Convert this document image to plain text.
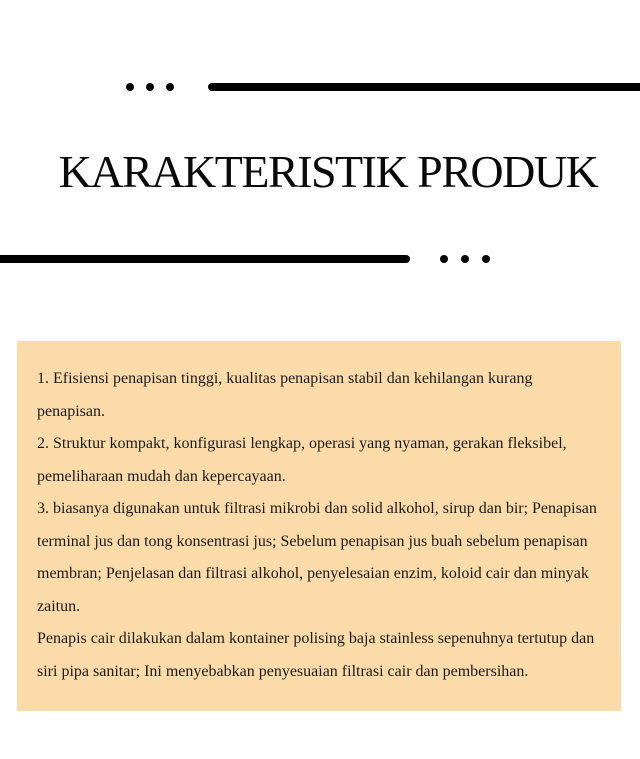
KARAKTERISTIK PRODUK

1. Efisiensi penapisan tinggi, kualitas penapisan stabil dan kehilangan kurang penapisan.

2. Struktur kompakt, konfigurasi lengkap, operasi yang nyaman, gerakan fleksibel, pemeliharaan mudah dan kepercayaan.

3. biasanya digunakan untuk filtrasi mikrobi dan solid alkohol, sirup dan bir; Penapisan terminal jus dan tong konsentrasi jus; Sebelum penapisan jus buah sebelum penapisan membran; Penjelasan dan filtrasi alkohol, penyelesaian enzim, koloid cair dan minyak zaitun.

Penapis cair dilakukan dalam kontainer polising baja stainless sepenuhnya tertutup dan siri pipa sanitar; Ini menyebabkan penyesuaian filtrasi cair dan pembersihan.
